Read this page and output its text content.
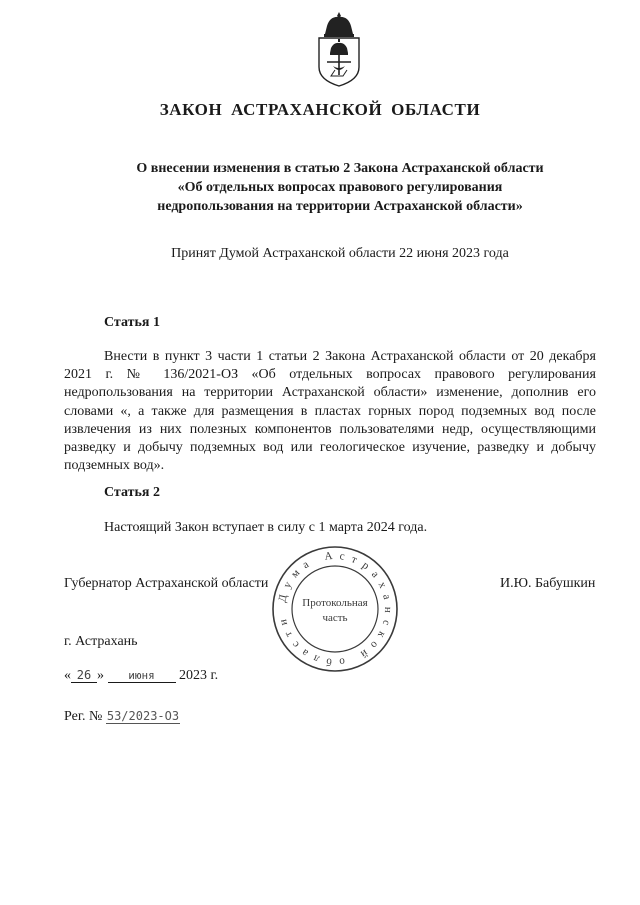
ЗАКОН АСТРАХАНСКОЙ ОБЛАСТИ
О внесении изменения в статью 2 Закона Астраханской области
«Об отдельных вопросах правового регулирования
недропользования на территории Астраханской области»
Принят Думой Астраханской области 22 июня 2023 года
Статья 1
Внести в пункт 3 части 1 статьи 2 Закона Астраханской области от 20 декабря 2021 г. № 136/2021-ОЗ «Об отдельных вопросах правового регулирования недропользования на территории Астраханской области» изменение, дополнив его словами «, а также для размещения в пластах горных пород подземных вод после извлечения из них полезных компонентов пользователями недр, осуществляющими разведку и добычу подземных вод или геологическое изучение, разведку и добычу подземных вод».
Статья 2
Настоящий Закон вступает в силу с 1 марта 2024 года.
Губернатор Астраханской области	И.Ю. Бабушкин
Дума Астраханской области
Протокольная
часть
г. Астрахань
« 26 » июня 2023 г.
Рег. № 53/2023-ОЗ
